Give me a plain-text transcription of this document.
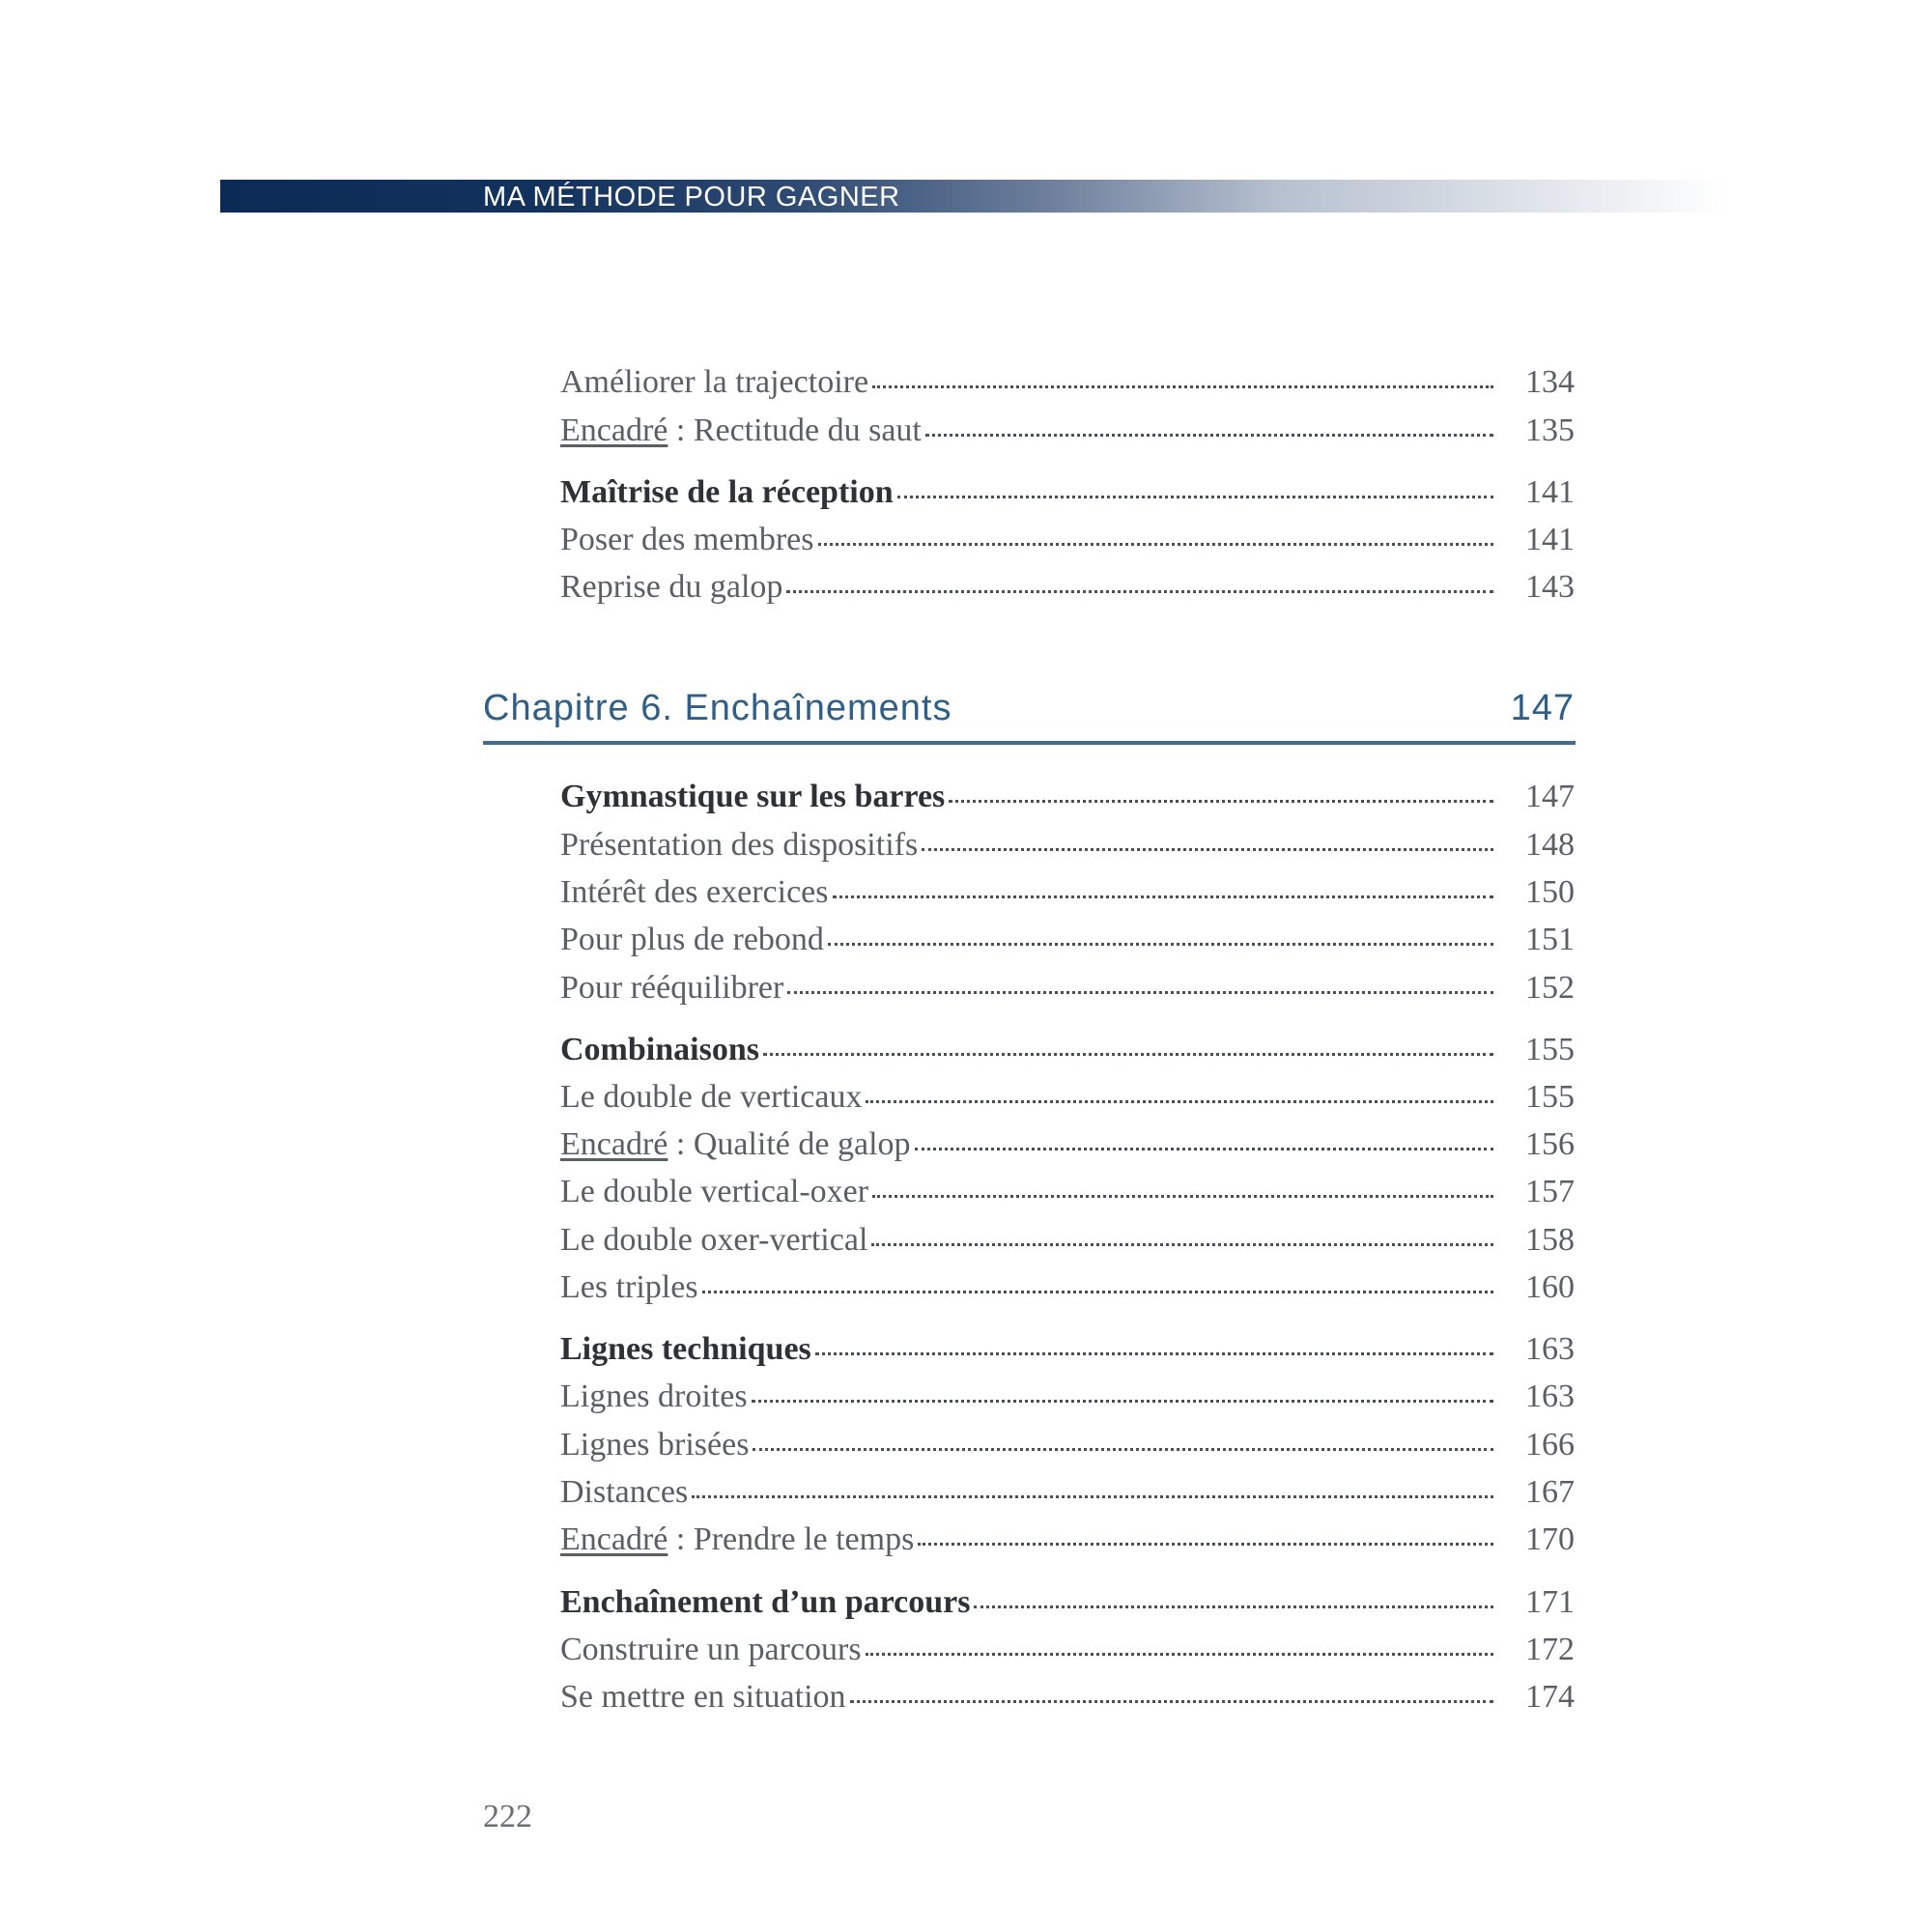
MA MÉTHODE POUR GAGNER
Améliorer la trajectoire	134
Encadré : Rectitude du saut	135
Maîtrise de la réception	141
Poser des membres	141
Reprise du galop	143
Chapitre 6. Enchaînements	147
Gymnastique sur les barres	147
Présentation des dispositifs	148
Intérêt des exercices	150
Pour plus de rebond	151
Pour rééquilibrer	152
Combinaisons	155
Le double de verticaux	155
Encadré : Qualité de galop	156
Le double vertical-oxer	157
Le double oxer-vertical	158
Les triples	160
Lignes techniques	163
Lignes droites	163
Lignes brisées	166
Distances	167
Encadré : Prendre le temps	170
Enchaînement d’un parcours	171
Construire un parcours	172
Se mettre en situation	174
222
